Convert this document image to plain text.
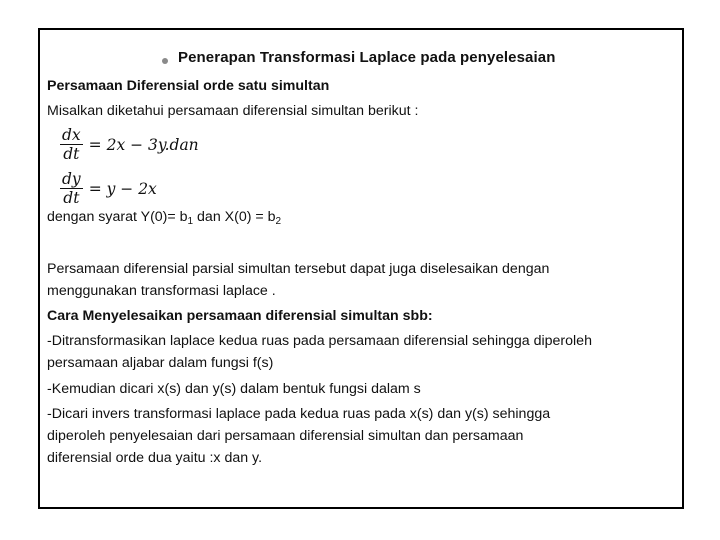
Penerapan Transformasi Laplace pada penyelesaian
Persamaan Diferensial orde satu simultan
Misalkan diketahui persamaan diferensial simultan berikut :
$\frac{dx}{dt} = 2x - 3y.dan$
$\frac{dy}{dt} = y - 2x$
dengan syarat $Y(0)= b_1$ dan $X(0) = b_2$
Persamaan diferensial parsial simultan tersebut dapat juga diselesaikan dengan
menggunakan transformasi laplace .
Cara Menyelesaikan persamaan diferensial simultan sbb:
-Ditransformasikan laplace kedua ruas pada persamaan diferensial sehingga diperoleh
persamaan aljabar dalam fungsi f(s)
-Kemudian dicari x(s) dan y(s) dalam bentuk fungsi dalam s
-Dicari invers transformasi laplace pada kedua ruas pada x(s) dan y(s) sehingga
diperoleh penyelesaian dari persamaan diferensial simultan dan persamaan
diferensial orde dua yaitu :x dan y.
